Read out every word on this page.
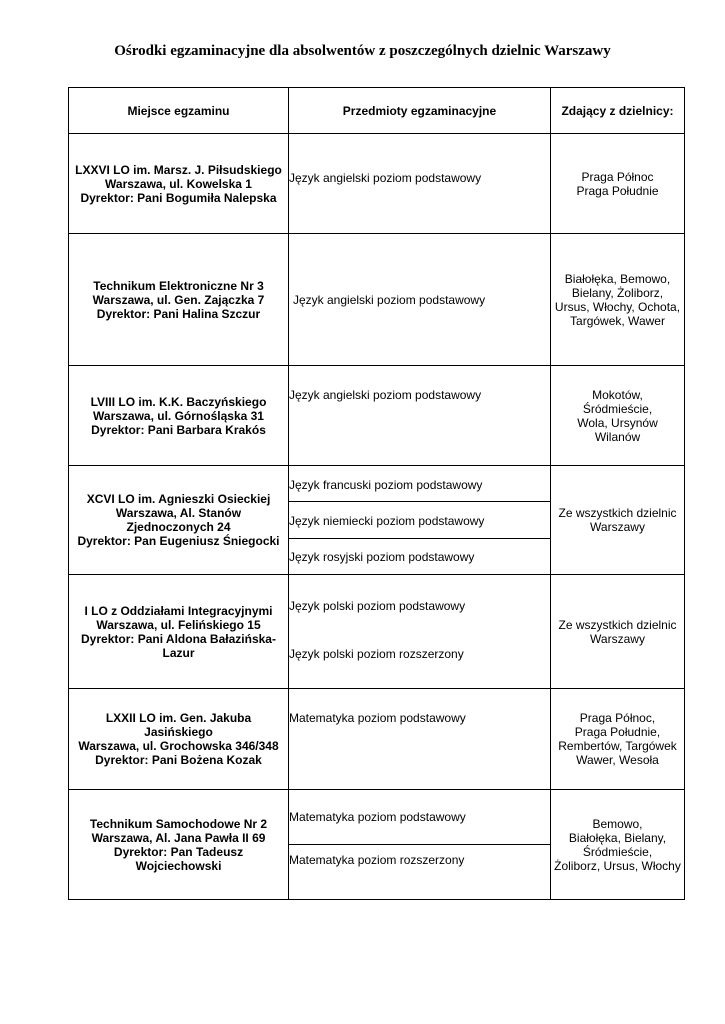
Ośrodki egzaminacyjne dla absolwentów z poszczególnych dzielnic Warszawy
Miejsce egzaminu	Przedmioty egzaminacyjne	Zdający z dzielnicy:

LXXVI LO im. Marsz. J. Piłsudskiego
Warszawa, ul. Kowelska 1
Dyrektor: Pani Bogumiła Nalepska	Język angielski poziom podstawowy	Praga Północ
Praga Południe

Technikum Elektroniczne Nr 3
Warszawa, ul. Gen. Zajączka 7
Dyrektor: Pani Halina Szczur	Język angielski poziom podstawowy	Białołęka, Bemowo,
Bielany, Żoliborz,
Ursus, Włochy, Ochota,
Targówek, Wawer

LVIII LO im. K.K. Baczyńskiego
Warszawa, ul. Górnośląska 31
Dyrektor: Pani Barbara Krakós	Język angielski poziom podstawowy	Mokotów,
Śródmieście,
Wola, Ursynów
Wilanów

XCVI LO im. Agnieszki Osieckiej
Warszawa, Al. Stanów
Zjednoczonych 24
Dyrektor: Pan Eugeniusz Śniegocki	Język francuski poziom podstawowy	Ze wszystkich dzielnic
Warszawy

	Język niemiecki poziom podstawowy	
	Język rosyjski poziom podstawowy	

I LO z Oddziałami Integracyjnymi
Warszawa, ul. Felińskiego 15
Dyrektor: Pani Aldona Bałazińska-
Lazur	Język polski poziom podstawowy	Ze wszystkich dzielnic
Warszawy

	Język polski poziom rozszerzony	

LXXII LO im. Gen. Jakuba
Jasińskiego
Warszawa, ul. Grochowska 346/348
Dyrektor: Pani Bożena Kozak	Matematyka poziom podstawowy	Praga Północ,
Praga Południe,
Rembertów, Targówek
Wawer, Wesoła

Technikum Samochodowe Nr 2
Warszawa, Al. Jana Pawła II 69
Dyrektor: Pan Tadeusz
Wojciechowski	Matematyka poziom podstawowy	Bemowo,
Białołęka, Bielany,
Śródmieście,
Żoliborz, Ursus, Włochy

	Matematyka poziom rozszerzony	
